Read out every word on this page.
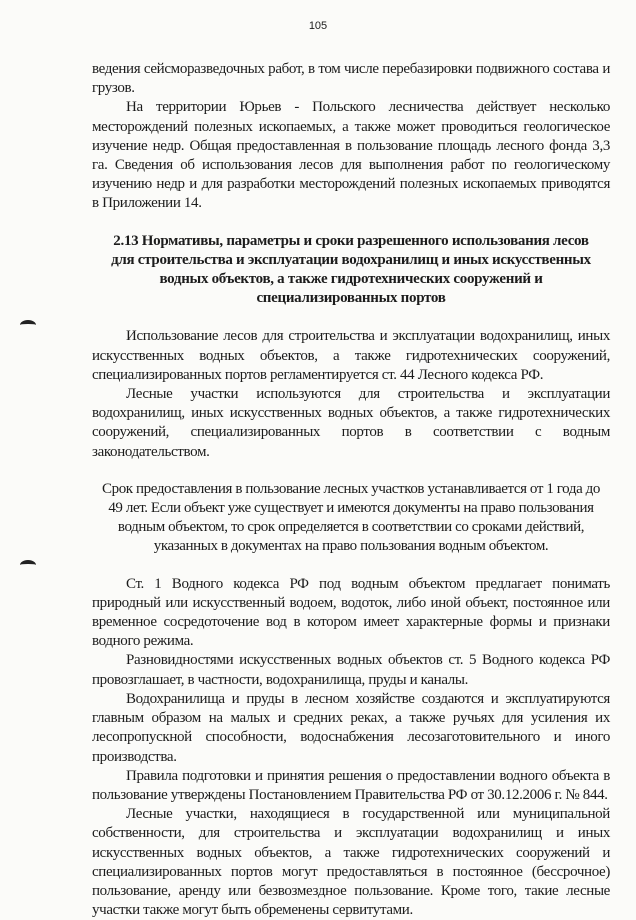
105

ведения сейсморазведочных работ, в том числе перебазировки подвижного состава и грузов.

На территории Юрьев - Польского лесничества действует несколько месторождений полезных ископаемых, а также может проводиться геологическое изучение недр. Общая предоставленная в пользование площадь лесного фонда 3,3 га. Сведения об использования лесов для выполнения работ по геологическому изучению недр и для разработки месторождений полезных ископаемых приводятся в Приложении 14.

2.13 Нормативы, параметры и сроки разрешенного использования лесов для строительства и эксплуатации водохранилищ и иных искусственных водных объектов, а также гидротехнических сооружений и специализированных портов

Использование лесов для строительства и эксплуатации водохранилищ, иных искусственных водных объектов, а также гидротехнических сооружений, специализированных портов регламентируется ст. 44 Лесного кодекса РФ.

Лесные участки используются для строительства и эксплуатации водохранилищ, иных искусственных водных объектов, а также гидротехнических сооружений, специализированных портов в соответствии с водным законодательством.

Срок предоставления в пользование лесных участков устанавливается от 1 года до 49 лет. Если объект уже существует и имеются документы на право пользования водным объектом, то срок определяется в соответствии со сроками действий, указанных в документах на право пользования водным объектом.

Ст. 1 Водного кодекса РФ под водным объектом предлагает понимать природный или искусственный водоем, водоток, либо иной объект, постоянное или временное сосредоточение вод в котором имеет характерные формы и признаки водного режима.

Разновидностями искусственных водных объектов ст. 5 Водного кодекса РФ провозглашает, в частности, водохранилища, пруды и каналы.

Водохранилища и пруды в лесном хозяйстве создаются и эксплуатируются главным образом на малых и средних реках, а также ручьях для усиления их лесопропускной способности, водоснабжения лесозаготовительного и иного производства.

Правила подготовки и принятия решения о предоставлении водного объекта в пользование утверждены Постановлением Правительства РФ от 30.12.2006 г. № 844.

Лесные участки, находящиеся в государственной или муниципальной собственности, для строительства и эксплуатации водохранилищ и иных искусственных водных объектов, а также гидротехнических сооружений и специализированных портов могут предоставляться в постоянное (бессрочное) пользование, аренду или безвозмездное пользование. Кроме того, такие лесные участки также могут быть обременены сервитутами.
